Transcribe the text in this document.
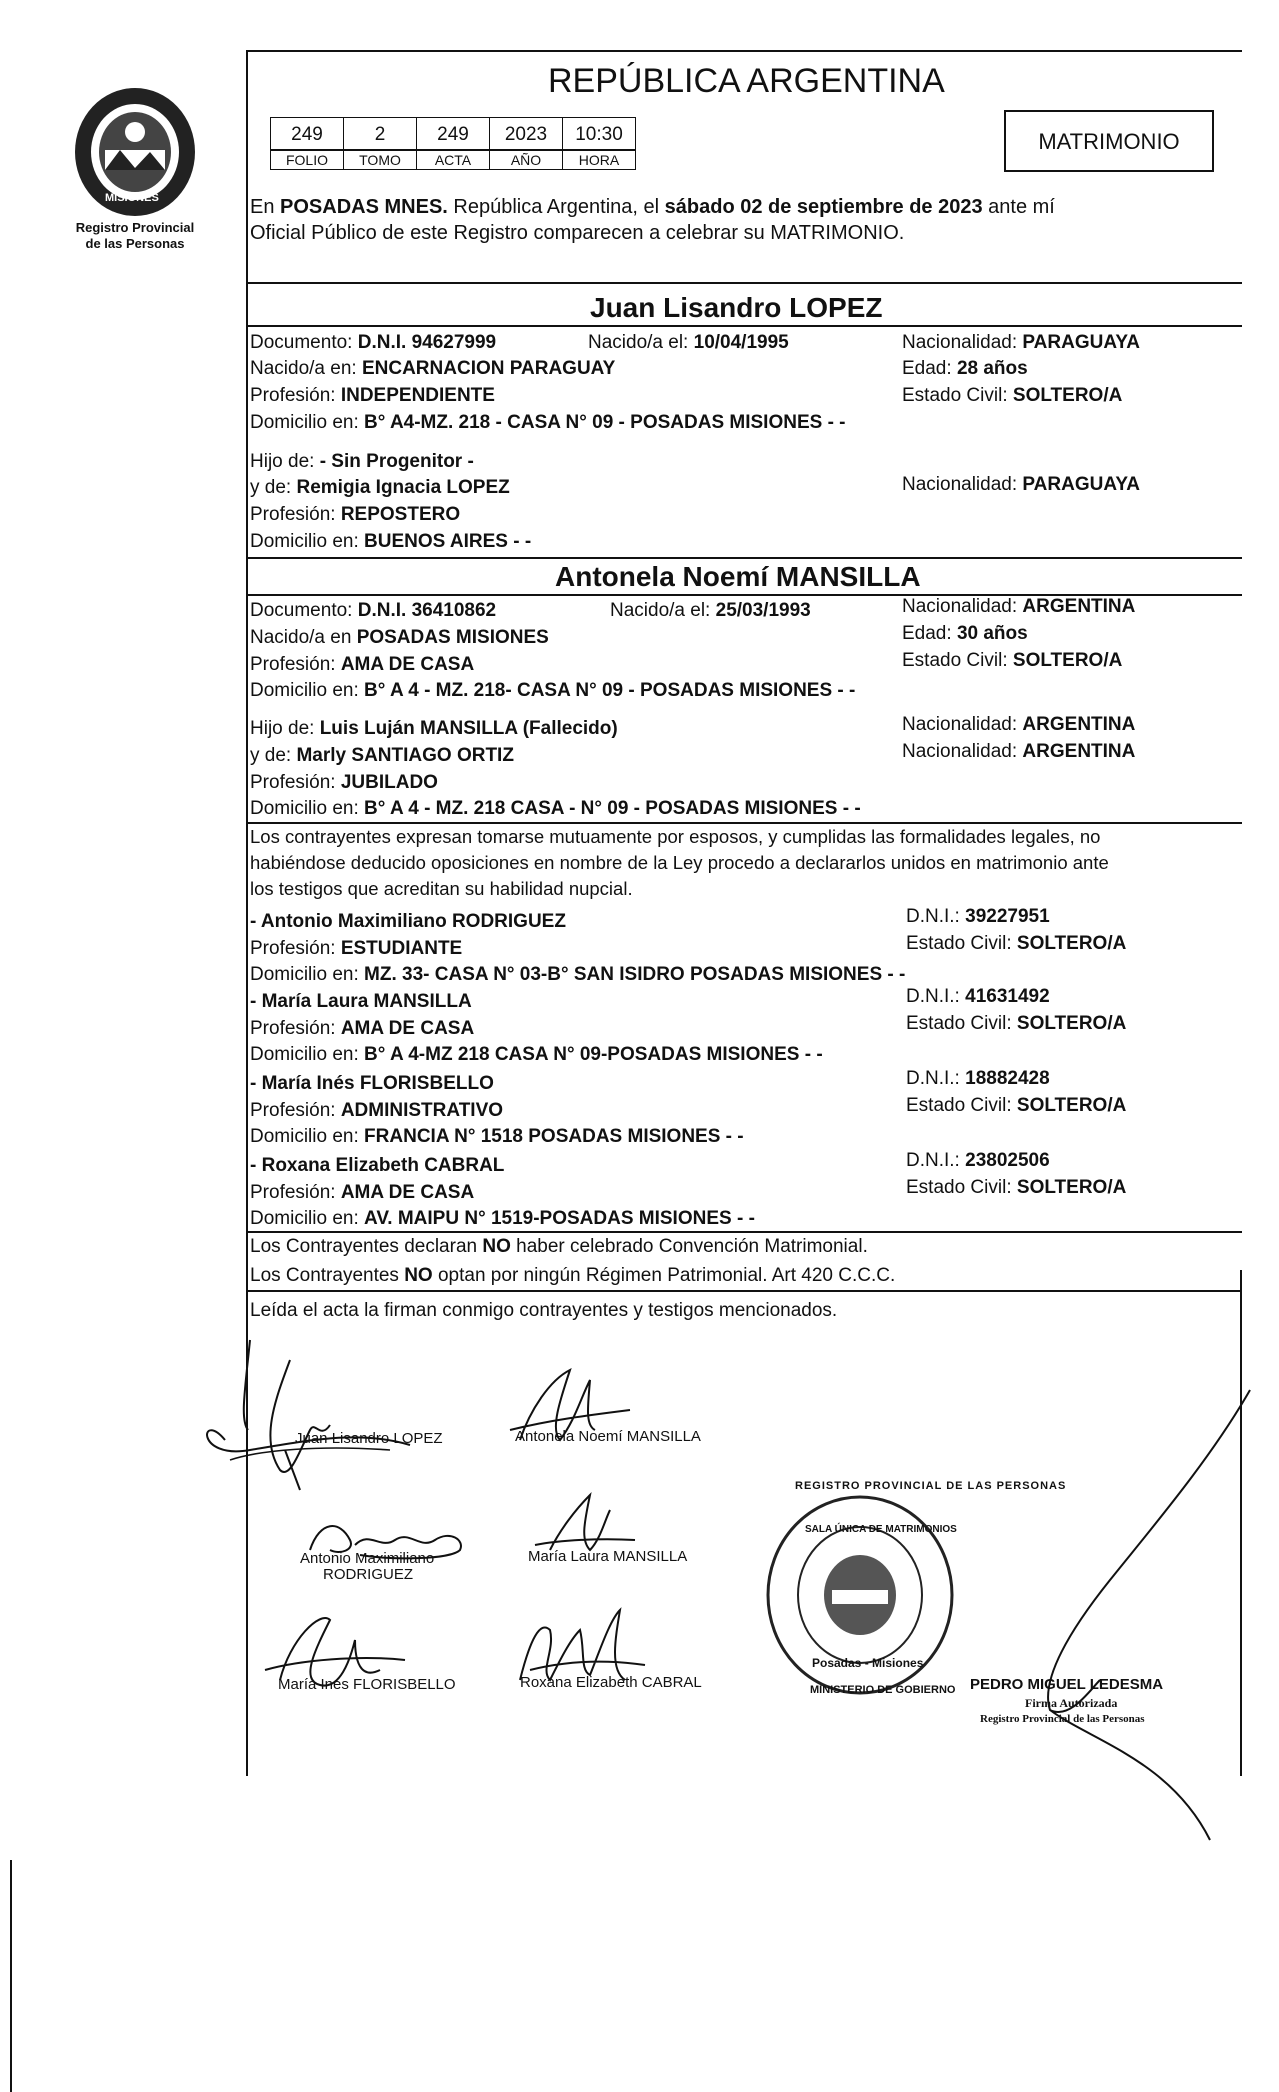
PROVINCIA DE
MISIONES
Registro Provincial
de las Personas
REPÚBLICA ARGENTINA
249	2	249	2023	10:30
FOLIO	TOMO	ACTA	AÑO	HORA
MATRIMONIO
En POSADAS MNES. República Argentina, el sábado 02 de septiembre de 2023 ante mí
Oficial Público de este Registro comparecen a celebrar su MATRIMONIO.
Juan Lisandro LOPEZ
Documento: D.N.I. 94627999	Nacido/a el: 10/04/1995	Nacionalidad: PARAGUAYA
Nacido/a en: ENCARNACION PARAGUAY	Edad: 28 años
Profesión: INDEPENDIENTE	Estado Civil: SOLTERO/A
Domicilio en: B° A4-MZ. 218 - CASA N° 09 - POSADAS MISIONES - -
Hijo de: - Sin Progenitor -
y de: Remigia Ignacia LOPEZ	Nacionalidad: PARAGUAYA
Profesión: REPOSTERO
Domicilio en: BUENOS AIRES - -
Antonela Noemí MANSILLA
Documento: D.N.I. 36410862	Nacido/a el: 25/03/1993	Nacionalidad: ARGENTINA
Nacido/a en POSADAS MISIONES	Edad: 30 años
Profesión: AMA DE CASA	Estado Civil: SOLTERO/A
Domicilio en: B° A 4 - MZ. 218- CASA N° 09 - POSADAS MISIONES - -
Hijo de: Luis Luján MANSILLA (Fallecido)	Nacionalidad: ARGENTINA
y de: Marly SANTIAGO ORTIZ	Nacionalidad: ARGENTINA
Profesión: JUBILADO
Domicilio en: B° A 4 - MZ. 218 CASA - N° 09 - POSADAS MISIONES - -
Los contrayentes expresan tomarse mutuamente por esposos, y cumplidas las formalidades legales, no
habiéndose deducido oposiciones en nombre de la Ley procedo a declararlos unidos en matrimonio ante
los testigos que acreditan su habilidad nupcial.
- Antonio Maximiliano RODRIGUEZ	D.N.I.: 39227951
Profesión: ESTUDIANTE	Estado Civil: SOLTERO/A
Domicilio en: MZ. 33- CASA N° 03-B° SAN ISIDRO POSADAS MISIONES - -
- María Laura MANSILLA	D.N.I.: 41631492
Profesión: AMA DE CASA	Estado Civil: SOLTERO/A
Domicilio en: B° A 4-MZ 218 CASA N° 09-POSADAS MISIONES - -
- María Inés FLORISBELLO	D.N.I.: 18882428
Profesión: ADMINISTRATIVO	Estado Civil: SOLTERO/A
Domicilio en: FRANCIA N° 1518 POSADAS MISIONES - -
- Roxana Elizabeth CABRAL	D.N.I.: 23802506
Profesión: AMA DE CASA	Estado Civil: SOLTERO/A
Domicilio en: AV. MAIPU N° 1519-POSADAS MISIONES - -
Los Contrayentes declaran NO haber celebrado Convención Matrimonial.
Los Contrayentes NO optan por ningún Régimen Patrimonial. Art 420 C.C.C.
Leída el acta la firman conmigo contrayentes y testigos mencionados.
Juan Lisandro LOPEZ	Antonela Noemí MANSILLA
Antonio Maximiliano
RODRIGUEZ
María Laura MANSILLA
María Inés FLORISBELLO	Roxana Elizabeth CABRAL
REGISTRO PROVINCIAL DE LAS PERSONAS
SALA ÚNICA DE MATRIMONIOS
Posadas - Misiones
MINISTERIO DE GOBIERNO PEDRO MIGUEL LEDESMA
Firma Autorizada
Registro Provincial de las Personas
